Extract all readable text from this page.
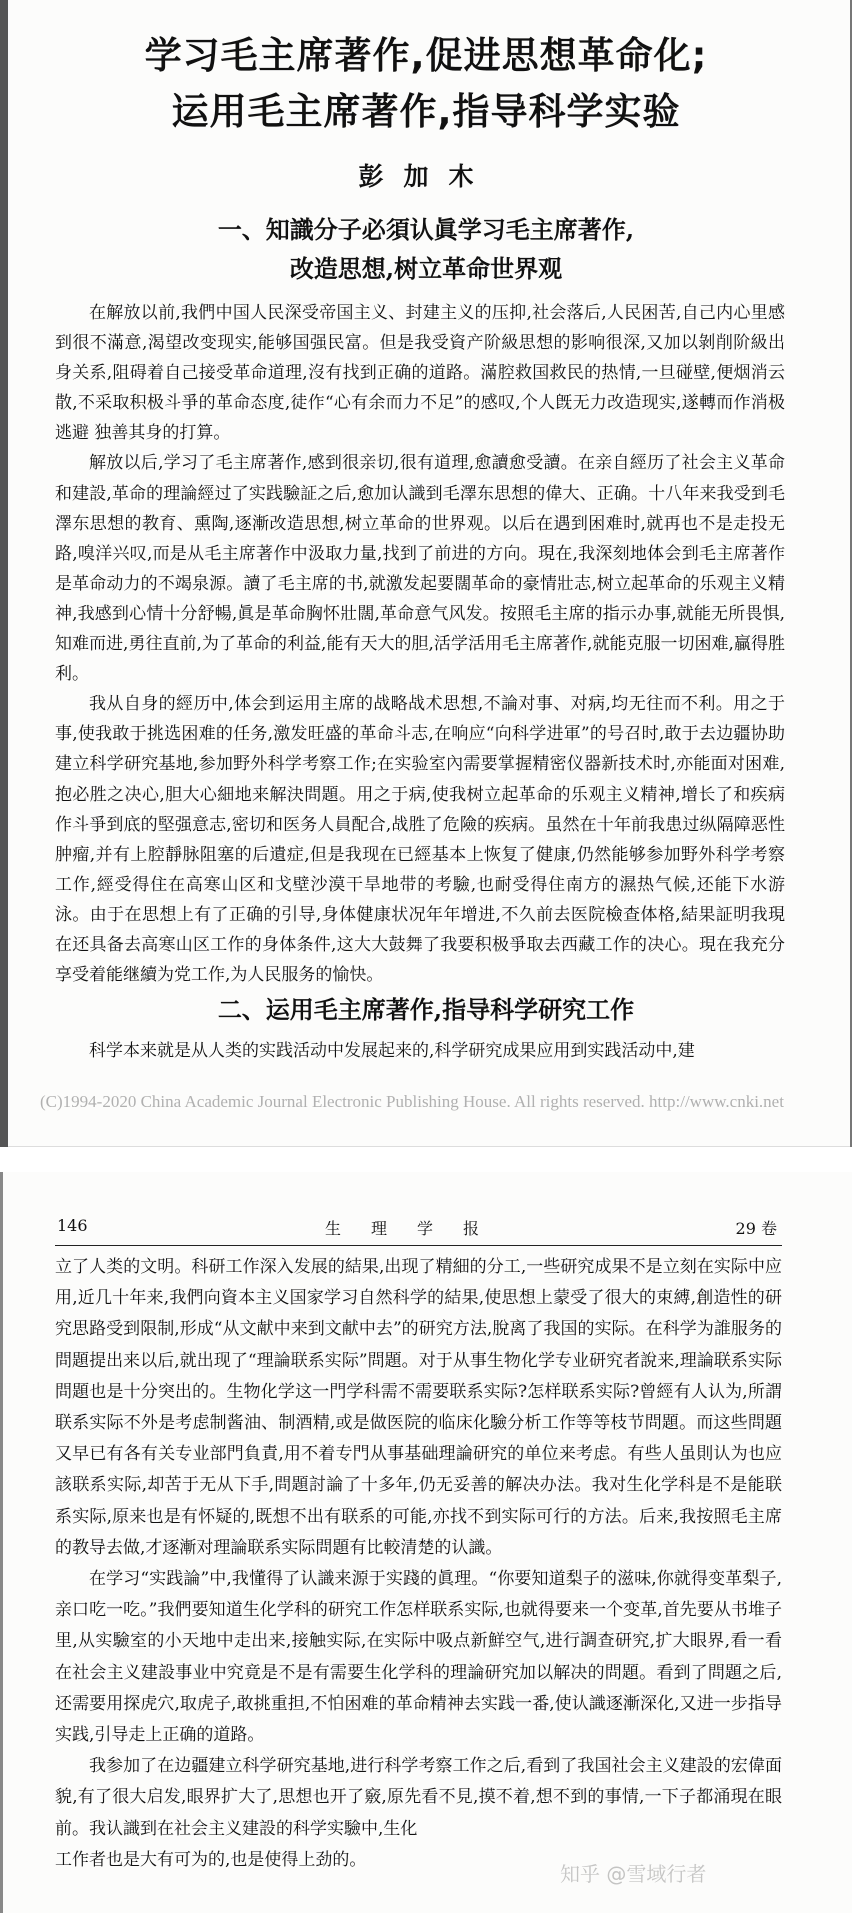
学习毛主席著作,促进思想革命化;
运用毛主席著作,指导科学实验
彭加木
一、知識分子必須认眞学习毛主席著作,
改造思想,树立革命世界观

在解放以前,我們中国人民深受帝国主义、封建主义的压抑,社会落后,人民困苦,自己内心里感到很不滿意,渴望改变现实,能够国强民富。但是我受資产阶級思想的影响很深,又加以剝削阶級出身关系,阻碍着自己接受革命道理,沒有找到正确的道路。滿腔救国救民的热情,一旦碰壁,便烟消云散,不采取积极斗爭的革命态度,徒作“心有余而力不足”的感叹,个人旣无力改造现实,遂轉而作消极逃避 独善其身的打算。

解放以后,学习了毛主席著作,感到很亲切,很有道理,愈讀愈受讀。在亲自經历了社会主义革命和建設,革命的理論經过了实践驗証之后,愈加认識到毛澤东思想的偉大、正确。十八年来我受到毛澤东思想的教育、熏陶,逐漸改造思想,树立革命的世界观。以后在遇到困难时,就再也不是走投无路,嗅洋兴叹,而是从毛主席著作中汲取力量,找到了前进的方向。現在,我深刻地体会到毛主席著作是革命动力的不竭泉源。讀了毛主席的书,就激发起要闊革命的豪情壯志,树立起革命的乐观主义精神,我感到心情十分舒暢,眞是革命胸怀壯闊,革命意气风发。按照毛主席的指示办事,就能无所畏惧,知难而进,勇往直前,为了革命的利益,能有天大的胆,活学活用毛主席著作,就能克服一切困难,贏得胜利。

我从自身的經历中,体会到运用主席的战略战术思想,不論对事、对病,均无往而不利。用之于事,使我敢于挑选困难的任务,激发旺盛的革命斗志,在响应“向科学进軍”的号召时,敢于去边疆协助建立科学研究基地,参加野外科学考察工作;在实验室內需要掌握精密仪器新技术时,亦能面对困难,抱必胜之决心,胆大心細地来解決問題。用之于病,使我树立起革命的乐观主义精神,增长了和疾病作斗爭到底的堅强意志,密切和医务人員配合,战胜了危險的疾病。虽然在十年前我患过纵隔障恶性肿瘤,并有上腔靜脉阻塞的后遺症,但是我现在已經基本上恢复了健康,仍然能够参加野外科学考察工作,經受得住在高寒山区和戈壁沙漠干旱地带的考驗,也耐受得住南方的濕热气候,还能下水游泳。由于在思想上有了正确的引导,身体健康状况年年增进,不久前去医院檢查体格,結果証明我現在还具备去高寒山区工作的身体条件,这大大鼓舞了我要积极爭取去西藏工作的决心。現在我充分享受着能继續为党工作,为人民服务的愉快。

二、运用毛主席著作,指导科学研究工作

科学本来就是从人类的实践活动中发展起来的,科学研究成果应用到实践活动中,建

(C)1994-2020 China Academic Journal Electronic Publishing House. All rights reserved. http://www.cnki.net
146	生理学报	29 卷

立了人类的文明。科研工作深入发展的結果,出现了精細的分工,一些研究成果不是立刻在实际中应用,近几十年来,我們向資本主义国家学习自然科学的結果,使思想上蒙受了很大的束縛,創造性的研究思路受到限制,形成“从文献中来到文献中去”的研究方法,脫离了我国的实际。在科学为誰服务的問題提出来以后,就出现了“理論联系实际”問題。对于从事生物化学专业研究者說来,理論联系实际問題也是十分突出的。生物化学这一門学科需不需要联系实际?怎样联系实际?曾經有人认为,所謂联系实际不外是考虑制酱油、制酒精,或是做医院的临床化驗分析工作等等枝节問題。而这些問題又早已有各有关专业部門負責,用不着专門从事基础理論研究的单位来考虑。有些人虽則认为也应該联系实际,却苦于无从下手,問題討論了十多年,仍无妥善的解决办法。我对生化学科是不是能联系实际,原来也是有怀疑的,既想不出有联系的可能,亦找不到实际可行的方法。后来,我按照毛主席的教导去做,才逐漸对理論联系实际問題有比較清楚的认識。

在学习“实践論”中,我懂得了认識来源于实踐的眞理。“你要知道梨子的滋味,你就得变革梨子,亲口吃一吃。”我們要知道生化学科的研究工作怎样联系实际,也就得要来一个变革,首先要从书堆子里,从实驗室的小天地中走出来,接触实际,在实际中吸点新鮮空气,进行調查研究,扩大眼界,看一看在社会主义建設事业中究竟是不是有需要生化学科的理論研究加以解决的問題。看到了問題之后,还需要用探虎穴,取虎子,敢挑重担,不怕困难的革命精神去实践一番,使认識逐漸深化,又进一步指导实践,引导走上正确的道路。

我参加了在边疆建立科学研究基地,进行科学考察工作之后,看到了我国社会主义建設的宏偉面貌,有了很大启发,眼界扩大了,思想也开了竅,原先看不見,摸不着,想不到的事情,一下子都涌現在眼前。我认識到在社会主义建設的科学实驗中,生化

工作者也是大有可为的,也是使得上劲的。

知乎 @雪域行者
